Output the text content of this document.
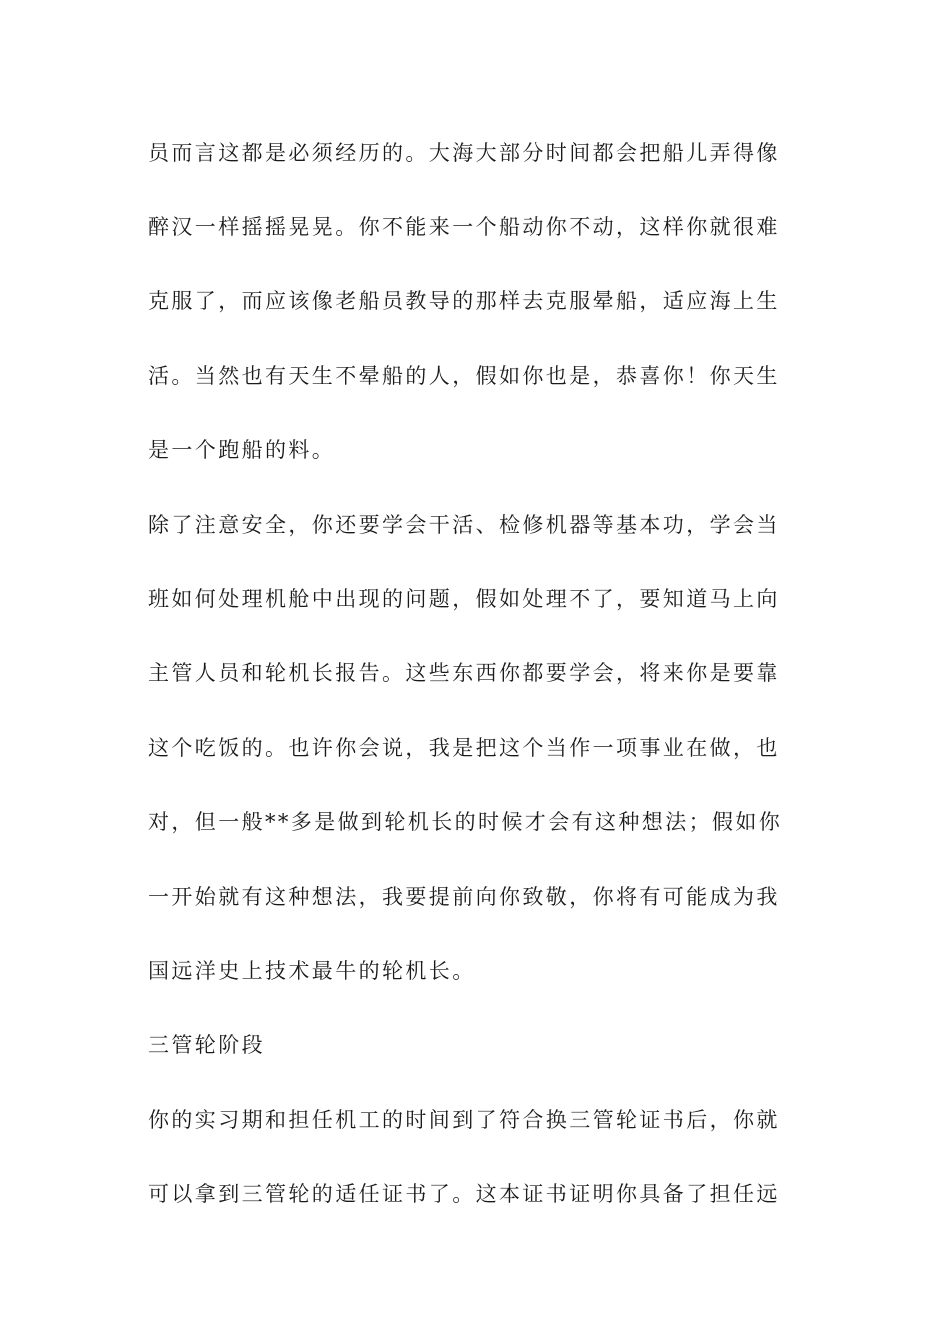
员而言这都是必须经历的。大海大部分时间都会把船儿弄得像
醉汉一样摇摇晃晃。你不能来一个船动你不动，这样你就很难
克服了，而应该像老船员教导的那样去克服晕船，适应海上生
活。当然也有天生不晕船的人，假如你也是，恭喜你！你天生
是一个跑船的料。
除了注意安全，你还要学会干活、检修机器等基本功，学会当
班如何处理机舱中出现的问题，假如处理不了，要知道马上向
主管人员和轮机长报告。这些东西你都要学会，将来你是要靠
这个吃饭的。也许你会说，我是把这个当作一项事业在做，也
对，但一般**多是做到轮机长的时候才会有这种想法；假如你
一开始就有这种想法，我要提前向你致敬，你将有可能成为我
国远洋史上技术最牛的轮机长。
三管轮阶段
你的实习期和担任机工的时间到了符合换三管轮证书后，你就
可以拿到三管轮的适任证书了。这本证书证明你具备了担任远
